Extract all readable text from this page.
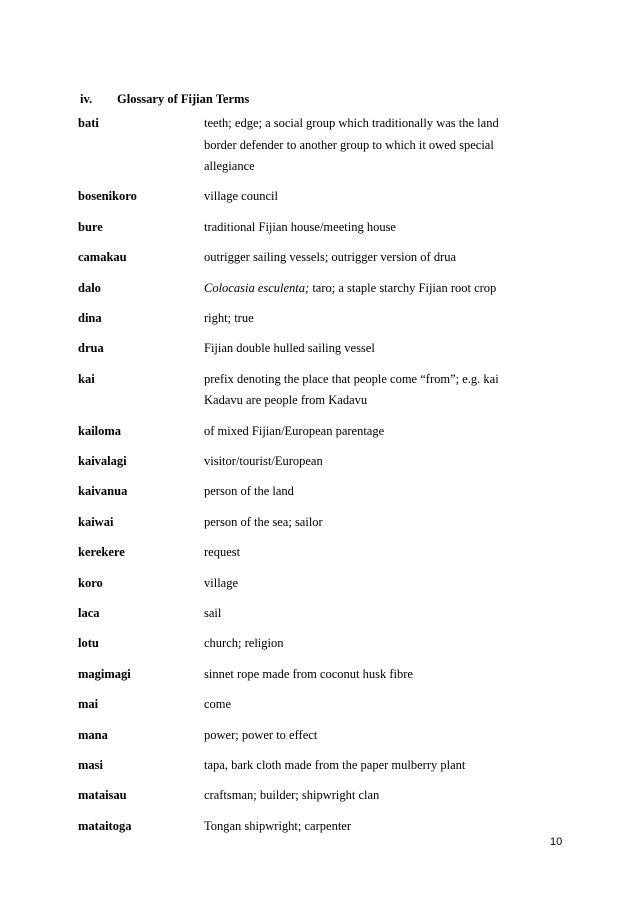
iv. Glossary of Fijian Terms
bati	teeth; edge; a social group which traditionally was the land
border defender to another group to which it owed special
allegiance
bosenikoro	village council
bure	traditional Fijian house/meeting house
camakau	outrigger sailing vessels; outrigger version of drua
dalo	Colocasia esculenta; taro; a staple starchy Fijian root crop
dina	right; true
drua	Fijian double hulled sailing vessel
kai	prefix denoting the place that people come “from”; e.g. kai
Kadavu are people from Kadavu
kailoma	of mixed Fijian/European parentage
kaivalagi	visitor/tourist/European
kaivanua	person of the land
kaiwai	person of the sea; sailor
kerekere	request
koro	village
laca	sail
lotu	church; religion
magimagi	sinnet rope made from coconut husk fibre
mai	come
mana	power; power to effect
masi	tapa, bark cloth made from the paper mulberry plant
mataisau	craftsman; builder; shipwright clan
mataitoga	Tongan shipwright; carpenter
10
